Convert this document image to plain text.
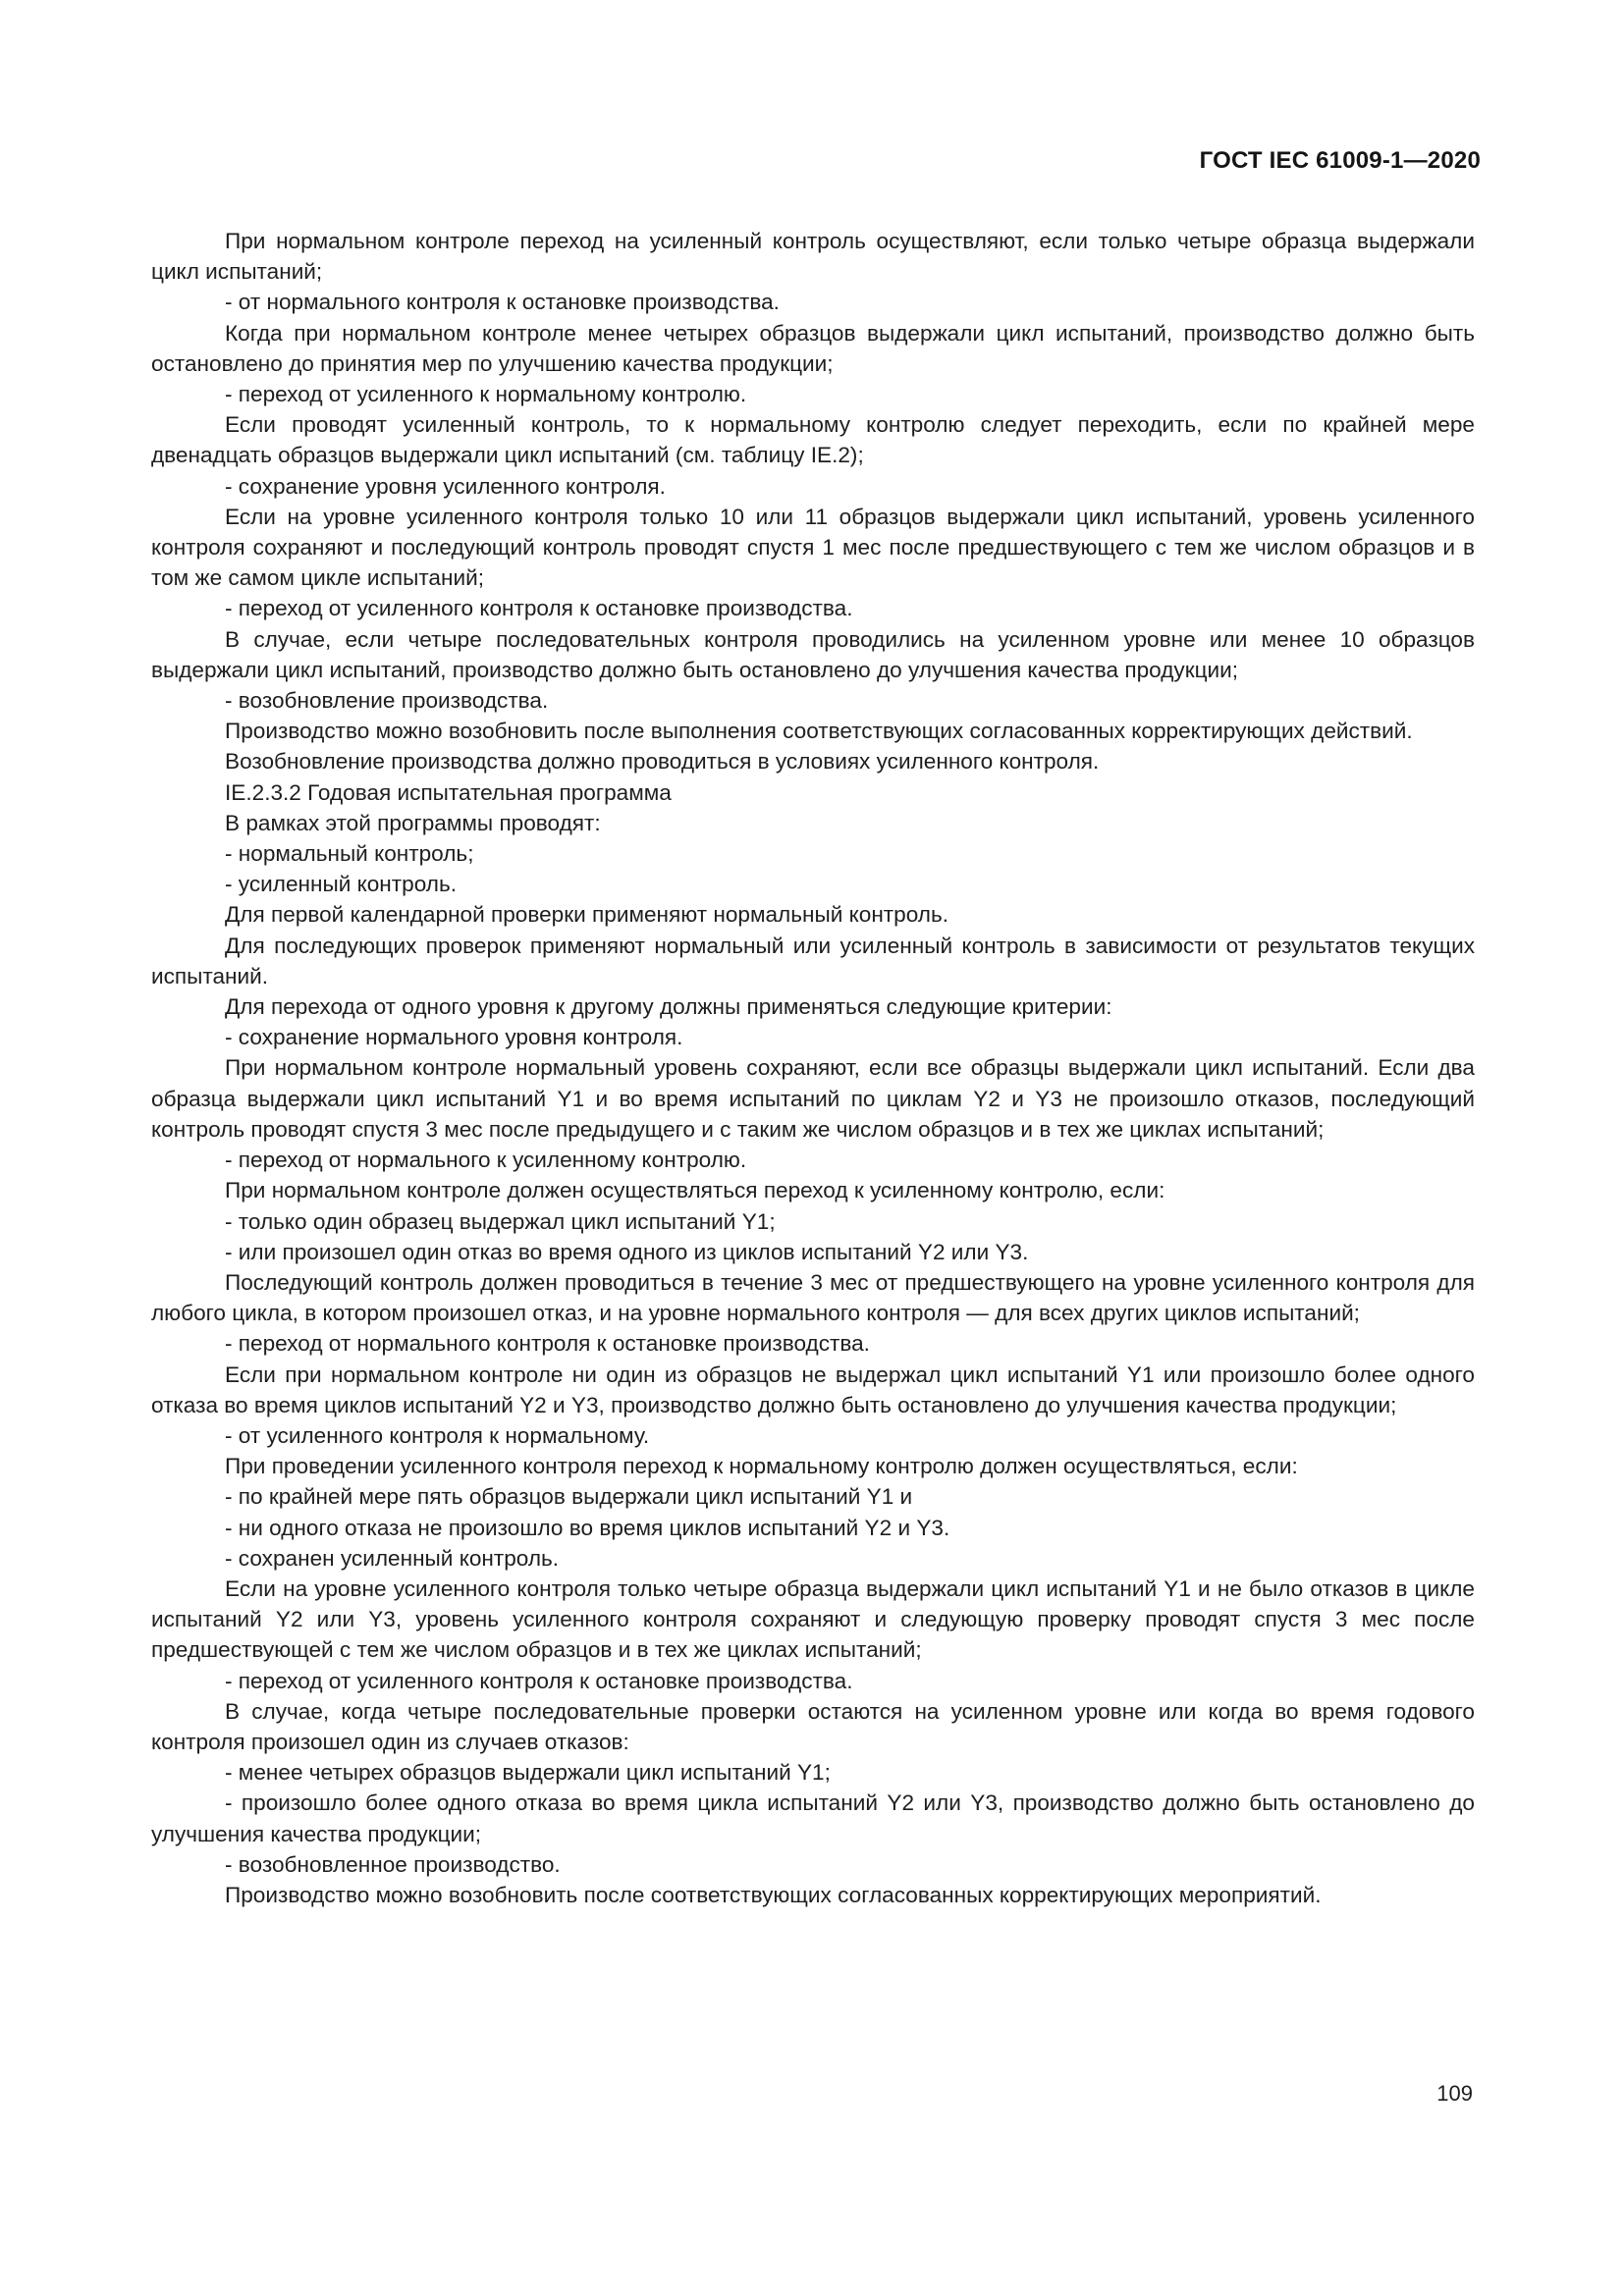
ГОСТ IEC 61009-1—2020

При нормальном контроле переход на усиленный контроль осуществляют, если только четыре образца выдержали цикл испытаний;

- от нормального контроля к остановке производства.

Когда при нормальном контроле менее четырех образцов выдержали цикл испытаний, производство должно быть остановлено до принятия мер по улучшению качества продукции;

- переход от усиленного к нормальному контролю.

Если проводят усиленный контроль, то к нормальному контролю следует переходить, если по крайней мере двенадцать образцов выдержали цикл испытаний (см. таблицу IE.2);

- сохранение уровня усиленного контроля.

Если на уровне усиленного контроля только 10 или 11 образцов выдержали цикл испытаний, уровень усиленного контроля сохраняют и последующий контроль проводят спустя 1 мес после предшествующего с тем же числом образцов и в том же самом цикле испытаний;

- переход от усиленного контроля к остановке производства.

В случае, если четыре последовательных контроля проводились на усиленном уровне или менее 10 образцов выдержали цикл испытаний, производство должно быть остановлено до улучшения качества продукции;

- возобновление производства.

Производство можно возобновить после выполнения соответствующих согласованных корректирующих действий.

Возобновление производства должно проводиться в условиях усиленного контроля.

IE.2.3.2 Годовая испытательная программа

В рамках этой программы проводят:

- нормальный контроль;

- усиленный контроль.

Для первой календарной проверки применяют нормальный контроль.

Для последующих проверок применяют нормальный или усиленный контроль в зависимости от результатов текущих испытаний.

Для перехода от одного уровня к другому должны применяться следующие критерии:

- сохранение нормального уровня контроля.

При нормальном контроле нормальный уровень сохраняют, если все образцы выдержали цикл испытаний. Если два образца выдержали цикл испытаний Y1 и во время испытаний по циклам Y2 и Y3 не произошло отказов, последующий контроль проводят спустя 3 мес после предыдущего и с таким же числом образцов и в тех же циклах испытаний;

- переход от нормального к усиленному контролю.

При нормальном контроле должен осуществляться переход к усиленному контролю, если:

- только один образец выдержал цикл испытаний Y1;

- или произошел один отказ во время одного из циклов испытаний Y2 или Y3.

Последующий контроль должен проводиться в течение 3 мес от предшествующего на уровне усиленного контроля для любого цикла, в котором произошел отказ, и на уровне нормального контроля — для всех других циклов испытаний;

- переход от нормального контроля к остановке производства.

Если при нормальном контроле ни один из образцов не выдержал цикл испытаний Y1 или произошло более одного отказа во время циклов испытаний Y2 и Y3, производство должно быть остановлено до улучшения качества продукции;

- от усиленного контроля к нормальному.

При проведении усиленного контроля переход к нормальному контролю должен осуществляться, если:

- по крайней мере пять образцов выдержали цикл испытаний Y1 и

- ни одного отказа не произошло во время циклов испытаний Y2 и Y3.

- сохранен усиленный контроль.

Если на уровне усиленного контроля только четыре образца выдержали цикл испытаний Y1 и не было отказов в цикле испытаний Y2 или Y3, уровень усиленного контроля сохраняют и следующую проверку проводят спустя 3 мес после предшествующей с тем же числом образцов и в тех же циклах испытаний;

- переход от усиленного контроля к остановке производства.

В случае, когда четыре последовательные проверки остаются на усиленном уровне или когда во время годового контроля произошел один из случаев отказов:

- менее четырех образцов выдержали цикл испытаний Y1;

- произошло более одного отказа во время цикла испытаний Y2 или Y3, производство должно быть остановлено до улучшения качества продукции;

- возобновленное производство.

Производство можно возобновить после соответствующих согласованных корректирующих мероприятий.

109
